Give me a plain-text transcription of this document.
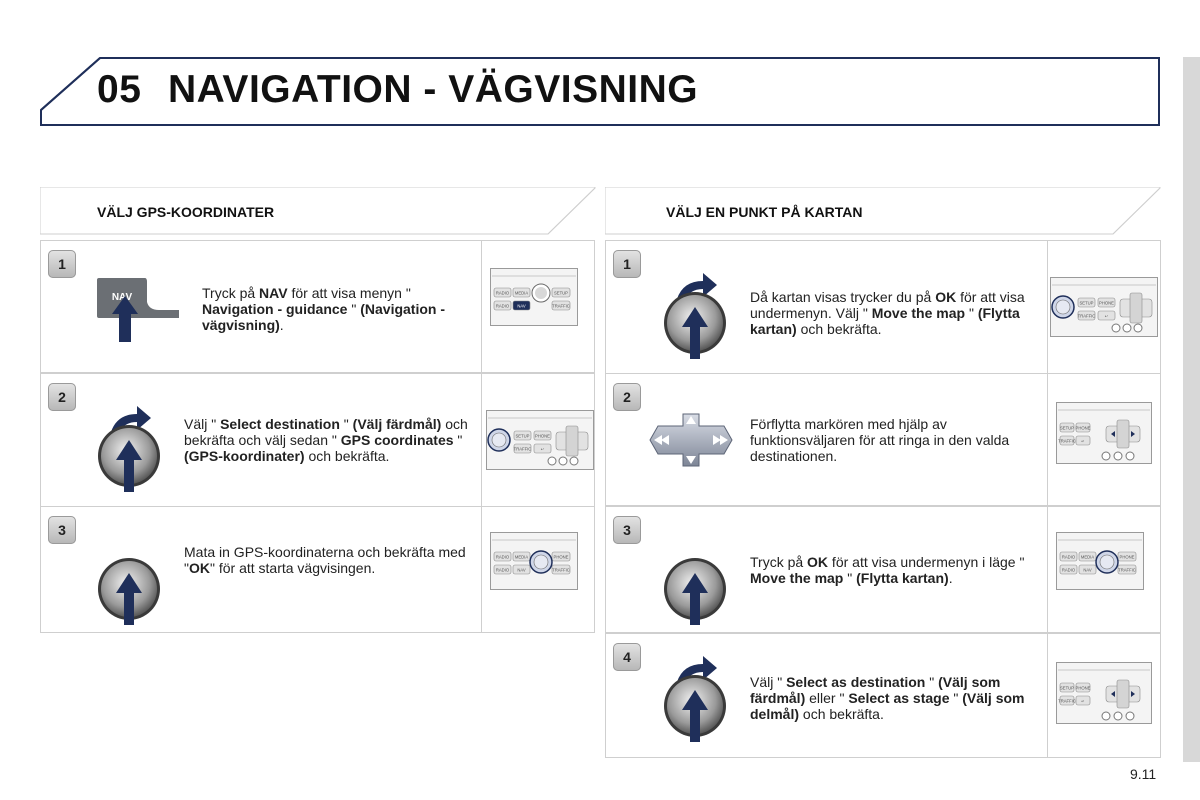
05 NAVIGATION - VÄGVISNING
VÄLJ GPS-KOORDINATER	VÄLJ EN PUNKT PÅ KARTAN
1
NAV	Tryck på NAV för att visa menyn " Navigation - guidance " (Navigation - vägvisning).
RADIO MEDIA	SETUP
RADIO NAV	TRAFFIC
2
Välj " Select destination " (Välj färdmål) och bekräfta och välj sedan " GPS coordinates " (GPS-koordinater) och bekräfta.
SETUP PHONE
TRAFFIC ↵
3
Mata in GPS-koordinaterna och bekräfta med "OK" för att starta vägvisingen.
RADIO MEDIA	PHONE
RADIO NAV	TRAFFIC
1
Då kartan visas trycker du på OK för att visa undermenyn. Välj " Move the map " (Flytta kartan) och bekräfta.
SETUP PHONE
TRAFFIC ↵
2
Förflytta markören med hjälp av funktionsväljaren för att ringa in den valda destinationen.
SETUP PHONE
TRAFFIC ↵
3
Tryck på OK för att visa undermenyn i läge " Move the map " (Flytta kartan).
RADIO MEDIA	PHONE
RADIO NAV	TRAFFIC
4
Välj " Select as destination " (Välj som färdmål) eller " Select as stage " (Välj som delmål) och bekräfta.
SETUP PHONE
TRAFFIC ↵
9.11
